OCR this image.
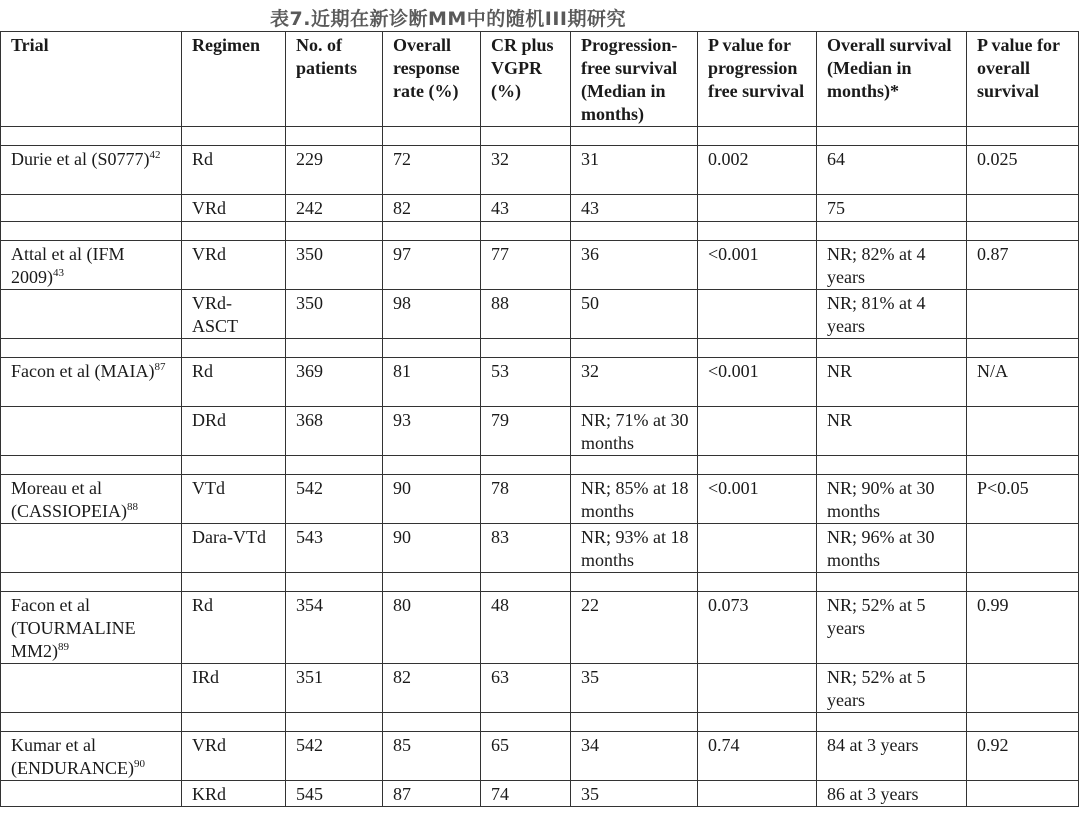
表7.近期在新诊断MM中的随机III期研究
Trial	Regimen	No. of patients	Overall response rate (%)	CR plus VGPR (%)	Progression-free survival (Median in months)	P value for progression free survival	Overall survival (Median in months)*	P value for overall survival

Durie et al $(S0777)^{42}$	Rd	229	72	32	31	0.002	64	0.025
	VRd	242	82	43	43		75	

Attal et al (IFM 2009)$^{43}$	VRd	350	97	77	36	<0.001	NR; 82% at 4 years	0.87
	VRd-ASCT	350	98	88	50		NR; 81% at 4 years	

Facon et al (MAIA)$^{87}$	Rd	369	81	53	32	<0.001	NR	N/A
	DRd	368	93	79	NR; 71% at 30 months		NR	

Moreau et al (CASSIOPEIA)$^{88}$	VTd	542	90	78	NR; 85% at 18 months	<0.001	NR; 90% at 30 months	P<0.05
	Dara-VTd	543	90	83	NR; 93% at 18 months		NR; 96% at 30 months	

Facon et al (TOURMALINE MM2)$^{89}$	Rd	354	80	48	22	0.073	NR; 52% at 5 years	0.99
	IRd	351	82	63	35		NR; 52% at 5 years	

Kumar et al (ENDURANCE)$^{90}$	VRd	542	85	65	34	0.74	84 at 3 years	0.92
	KRd	545	87	74	35		86 at 3 years	
